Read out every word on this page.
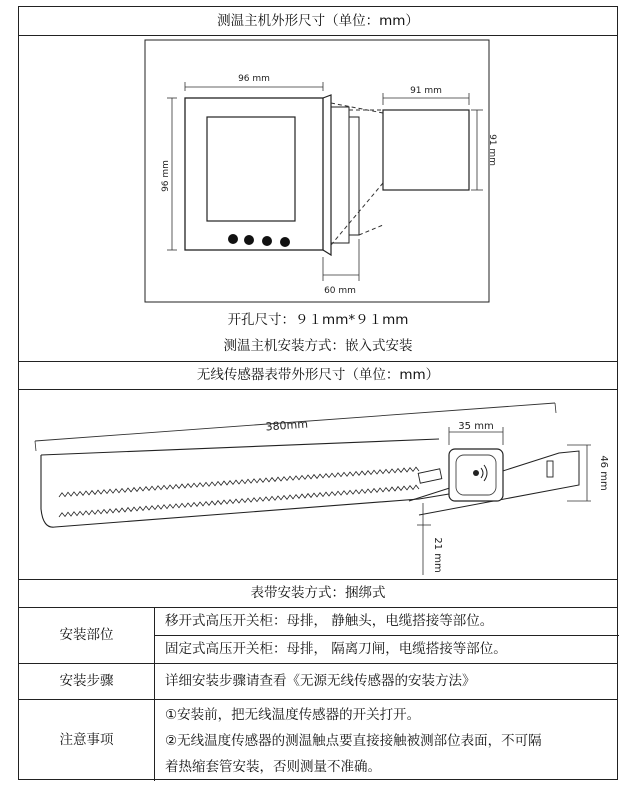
测温主机外形尺寸（单位：mm）
96 mm
96 mm
91 mm
91 mm
60 mm
开孔尺寸：９１mm*９１mm
测温主机安装方式：嵌入式安装
无线传感器表带外形尺寸（单位：mm）
380mm	35 mm
46 mm
21 mm
表带安装方式：捆绑式
安装部位
移开式高压开关柜：母排， 静触头，电缆搭接等部位。
固定式高压开关柜：母排， 隔离刀闸，电缆搭接等部位。
安装步骤	详细安装步骤请查看《无源无线传感器的安装方法》
注意事项
①安装前，把无线温度传感器的开关打开。
②无线温度传感器的测温触点要直接接触被测部位表面，不可隔
着热缩套管安装，否则测量不准确。
